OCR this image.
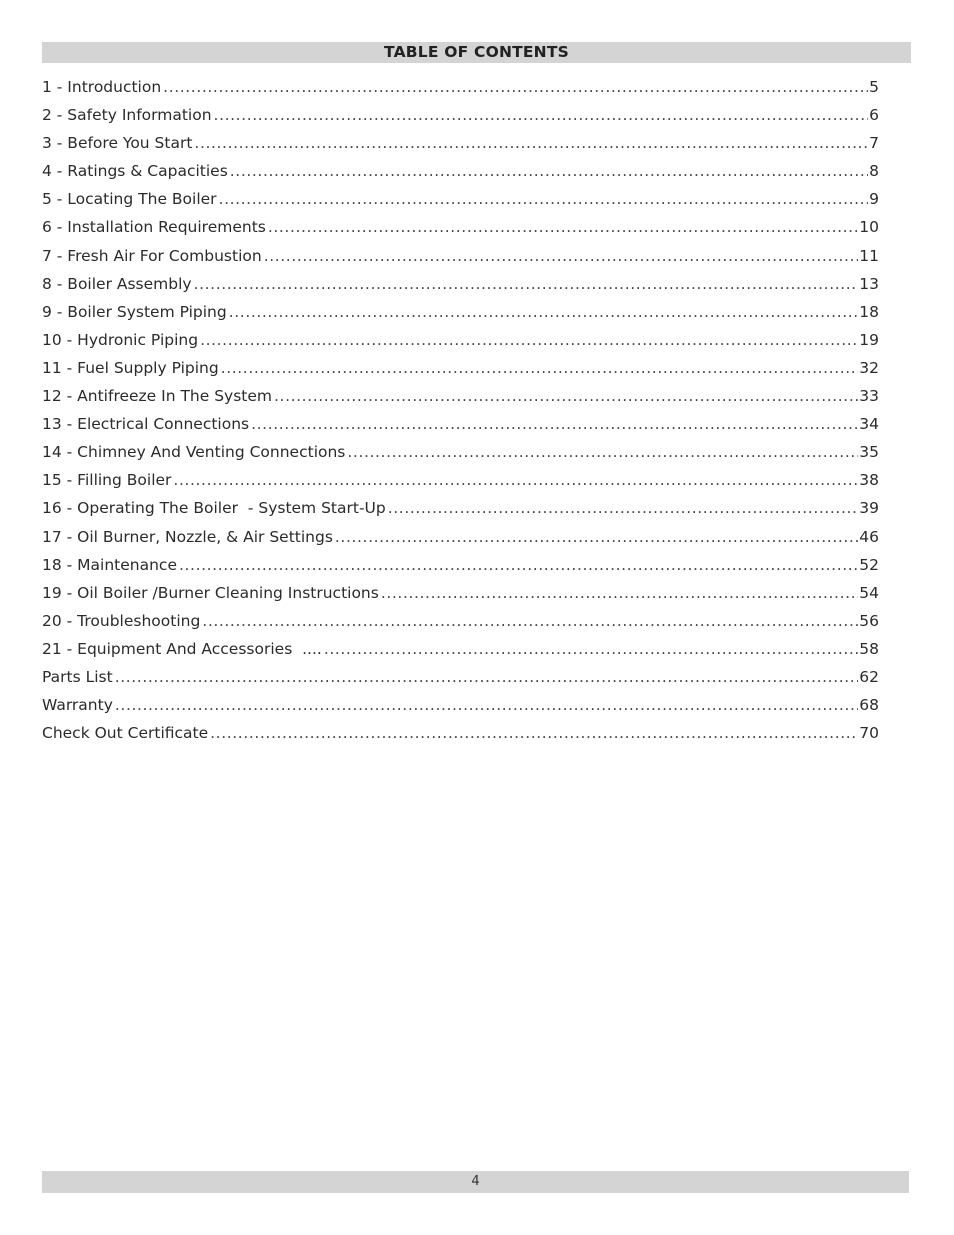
TABLE OF CONTENTS
1 - Introduction .....	5
2 - Safety Information .....	6
3 - Before You Start .....	7
4 - Ratings & Capacities .....	8
5 - Locating The Boiler .....	9
6 - Installation Requirements .....	10
7 - Fresh Air For Combustion .....	11
8 - Boiler Assembly .....	13
9 - Boiler System Piping .....	18
10 - Hydronic Piping .....	19
11 - Fuel Supply Piping .....	32
12 - Antifreeze In The System .....	33
13 - Electrical Connections .....	34
14 - Chimney And Venting Connections .....	35
15 - Filling Boiler .....	38
16 - Operating The Boiler  - System Start-Up .....	39
17 - Oil Burner, Nozzle, & Air Settings .....	46
18 - Maintenance .....	52
19 - Oil Boiler /Burner Cleaning Instructions .....	54
20 - Troubleshooting .....	56
21 - Equipment And Accessories  .... .....	58
Parts List .....	62
Warranty .....	68
Check Out Certificate .....	70
4
